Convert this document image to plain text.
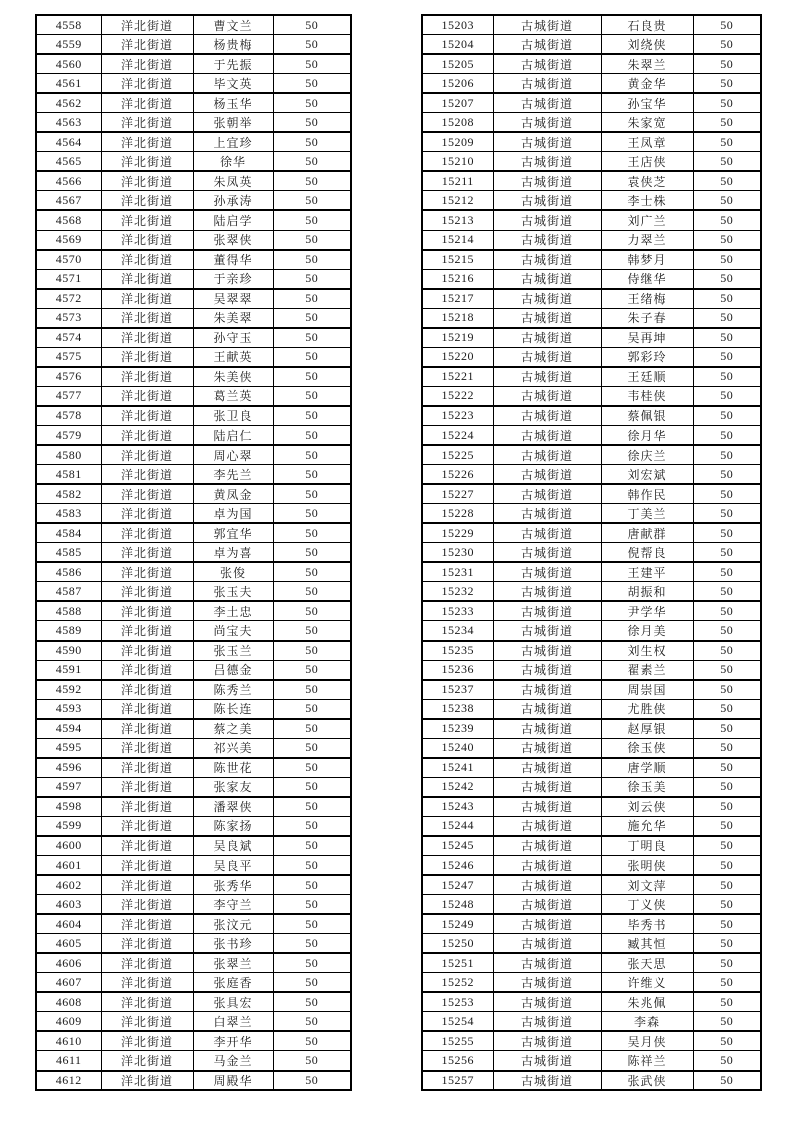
4558	洋北街道	曹文兰	50
4559	洋北街道	杨贵梅	50
4560	洋北街道	于先振	50
4561	洋北街道	毕文英	50
4562	洋北街道	杨玉华	50
4563	洋北街道	张朝举	50
4564	洋北街道	上宜珍	50
4565	洋北街道	徐华	50
4566	洋北街道	朱凤英	50
4567	洋北街道	孙承涛	50
4568	洋北街道	陆启学	50
4569	洋北街道	张翠侠	50
4570	洋北街道	董得华	50
4571	洋北街道	于亲珍	50
4572	洋北街道	吴翠翠	50
4573	洋北街道	朱美翠	50
4574	洋北街道	孙守玉	50
4575	洋北街道	王献英	50
4576	洋北街道	朱美侠	50
4577	洋北街道	葛兰英	50
4578	洋北街道	张卫良	50
4579	洋北街道	陆启仁	50
4580	洋北街道	周心翠	50
4581	洋北街道	李先兰	50
4582	洋北街道	黄凤金	50
4583	洋北街道	卓为国	50
4584	洋北街道	郭宜华	50
4585	洋北街道	卓为喜	50
4586	洋北街道	张俊	50
4587	洋北街道	张玉夫	50
4588	洋北街道	李土忠	50
4589	洋北街道	尚宝夫	50
4590	洋北街道	张玉兰	50
4591	洋北街道	吕德金	50
4592	洋北街道	陈秀兰	50
4593	洋北街道	陈长连	50
4594	洋北街道	蔡之美	50
4595	洋北街道	祁兴美	50
4596	洋北街道	陈世花	50
4597	洋北街道	张家友	50
4598	洋北街道	潘翠侠	50
4599	洋北街道	陈家扬	50
4600	洋北街道	吴良斌	50
4601	洋北街道	吴良平	50
4602	洋北街道	张秀华	50
4603	洋北街道	李守兰	50
4604	洋北街道	张汶元	50
4605	洋北街道	张书珍	50
4606	洋北街道	张翠兰	50
4607	洋北街道	张庭香	50
4608	洋北街道	张具宏	50
4609	洋北街道	白翠兰	50
4610	洋北街道	李开华	50
4611	洋北街道	马金兰	50
4612	洋北街道	周殿华	50
15203	古城街道	石良贵	50
15204	古城街道	刘绕侠	50
15205	古城街道	朱翠兰	50
15206	古城街道	黄金华	50
15207	古城街道	孙宝华	50
15208	古城街道	朱家宽	50
15209	古城街道	王凤章	50
15210	古城街道	王店侠	50
15211	古城街道	袁侠芝	50
15212	古城街道	李士株	50
15213	古城街道	刘广兰	50
15214	古城街道	力翠兰	50
15215	古城街道	韩梦月	50
15216	古城街道	侍继华	50
15217	古城街道	王绪梅	50
15218	古城街道	朱子春	50
15219	古城街道	吴再坤	50
15220	古城街道	郭彩玲	50
15221	古城街道	王廷顺	50
15222	古城街道	韦桂侠	50
15223	古城街道	蔡佩银	50
15224	古城街道	徐月华	50
15225	古城街道	徐庆兰	50
15226	古城街道	刘宏斌	50
15227	古城街道	韩作民	50
15228	古城街道	丁美兰	50
15229	古城街道	唐献群	50
15230	古城街道	倪帮良	50
15231	古城街道	王建平	50
15232	古城街道	胡振和	50
15233	古城街道	尹学华	50
15234	古城街道	徐月美	50
15235	古城街道	刘生权	50
15236	古城街道	翟素兰	50
15237	古城街道	周崇国	50
15238	古城街道	尤胜侠	50
15239	古城街道	赵厚银	50
15240	古城街道	徐玉侠	50
15241	古城街道	唐学顺	50
15242	古城街道	徐玉美	50
15243	古城街道	刘云侠	50
15244	古城街道	施允华	50
15245	古城街道	丁明良	50
15246	古城街道	张明侠	50
15247	古城街道	刘文萍	50
15248	古城街道	丁义侠	50
15249	古城街道	毕秀书	50
15250	古城街道	臧其恒	50
15251	古城街道	张天思	50
15252	古城街道	许维义	50
15253	古城街道	朱兆佩	50
15254	古城街道	李森	50
15255	古城街道	吴月侠	50
15256	古城街道	陈祥兰	50
15257	古城街道	张武侠	50
